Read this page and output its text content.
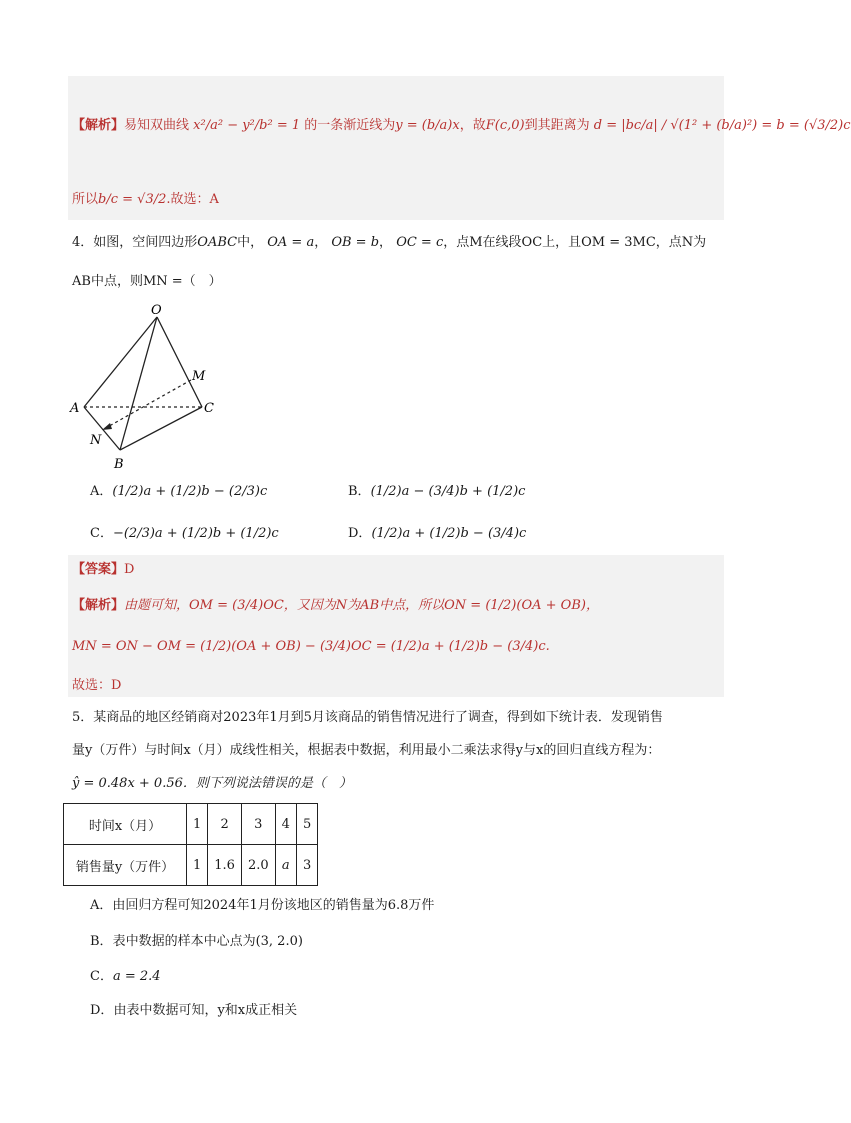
【解析】易知双曲线 x²/a² − y²/b² = 1 的一条渐近线为y = (b/a)x，故F(c,0)到其距离为 d = |bc/a| / √(1² + (b/a)²) = b = (√3/2)c
所以b/c = √3/2.故选：A
4．如图，空间四边形OABC中， OA = a， OB = b， OC = c，点M在线段OC上，且OM = 3MC，点N为
AB中点，则MN =（　）
O
A
B
C
M
N
A．(1/2)a + (1/2)b − (2/3)c	B．(1/2)a − (3/4)b + (1/2)c
C．−(2/3)a + (1/2)b + (1/2)c	D．(1/2)a + (1/2)b − (3/4)c
【答案】D
【解析】由题可知，OM = (3/4)OC，又因为N为AB中点，所以ON = (1/2)(OA + OB)，
MN = ON − OM = (1/2)(OA + OB) − (3/4)OC = (1/2)a + (1/2)b − (3/4)c.
故选：D
5．某商品的地区经销商对2023年1月到5月该商品的销售情况进行了调查，得到如下统计表．发现销售
量y（万件）与时间x（月）成线性相关，根据表中数据，利用最小二乘法求得y与x的回归直线方程为：
ŷ = 0.48x + 0.56．则下列说法错误的是（　）
时间x（月）	1	2	3	4	5
销售量y（万件）	1	1.6	2.0	a	3
A．由回归方程可知2024年1月份该地区的销售量为6.8万件
B．表中数据的样本中心点为(3, 2.0)
C．a = 2.4
D．由表中数据可知，y和x成正相关
